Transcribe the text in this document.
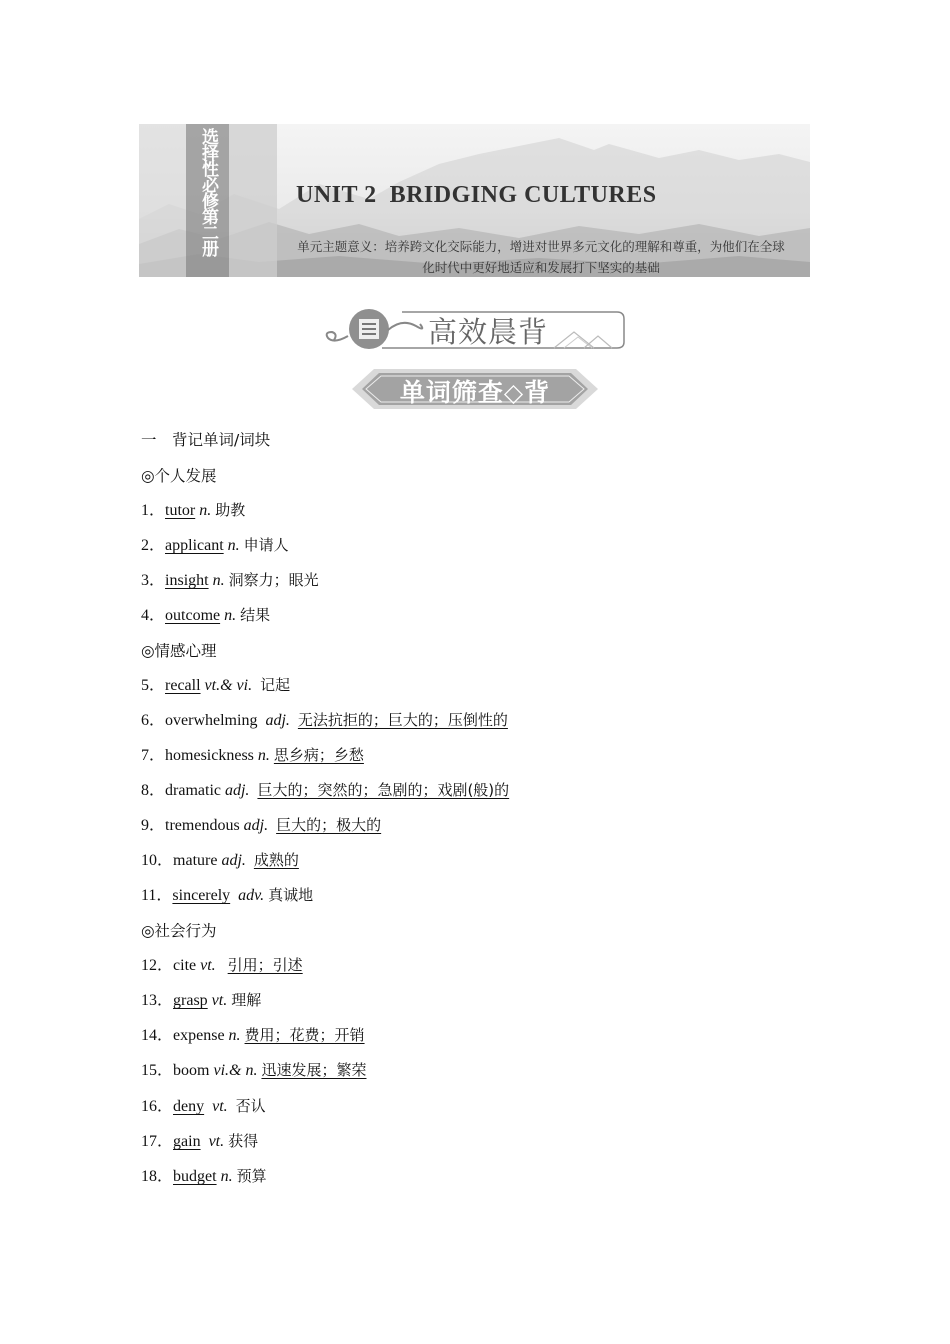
选择性必修第二册	UNIT 2  BRIDGING CULTURES
单元主题意义：培养跨文化交际能力，增进对世界多元文化的理解和尊重，为他们在全球
化时代中更好地适应和发展打下坚实的基础
高效晨背
单词筛查◇背
一　背记单词/词块
◎个人发展
1．tutor n. 助教
2．applicant n. 申请人
3．insight n. 洞察力；眼光
4．outcome n. 结果
◎情感心理
5．recall vt.& vi. 记起
6．overwhelming adj. 无法抗拒的；巨大的；压倒性的
7．homesickness n. 思乡病；乡愁
8．dramatic adj. 巨大的；突然的；急剧的；戏剧(般)的
9．tremendous adj. 巨大的；极大的
10．mature adj. 成熟的
11．sincerely adv. 真诚地
◎社会行为
12．cite vt. 引用；引述
13．grasp vt. 理解
14．expense n. 费用；花费；开销
15．boom vi.& n. 迅速发展；繁荣
16．deny vt. 否认
17．gain vt. 获得
18．budget n. 预算
